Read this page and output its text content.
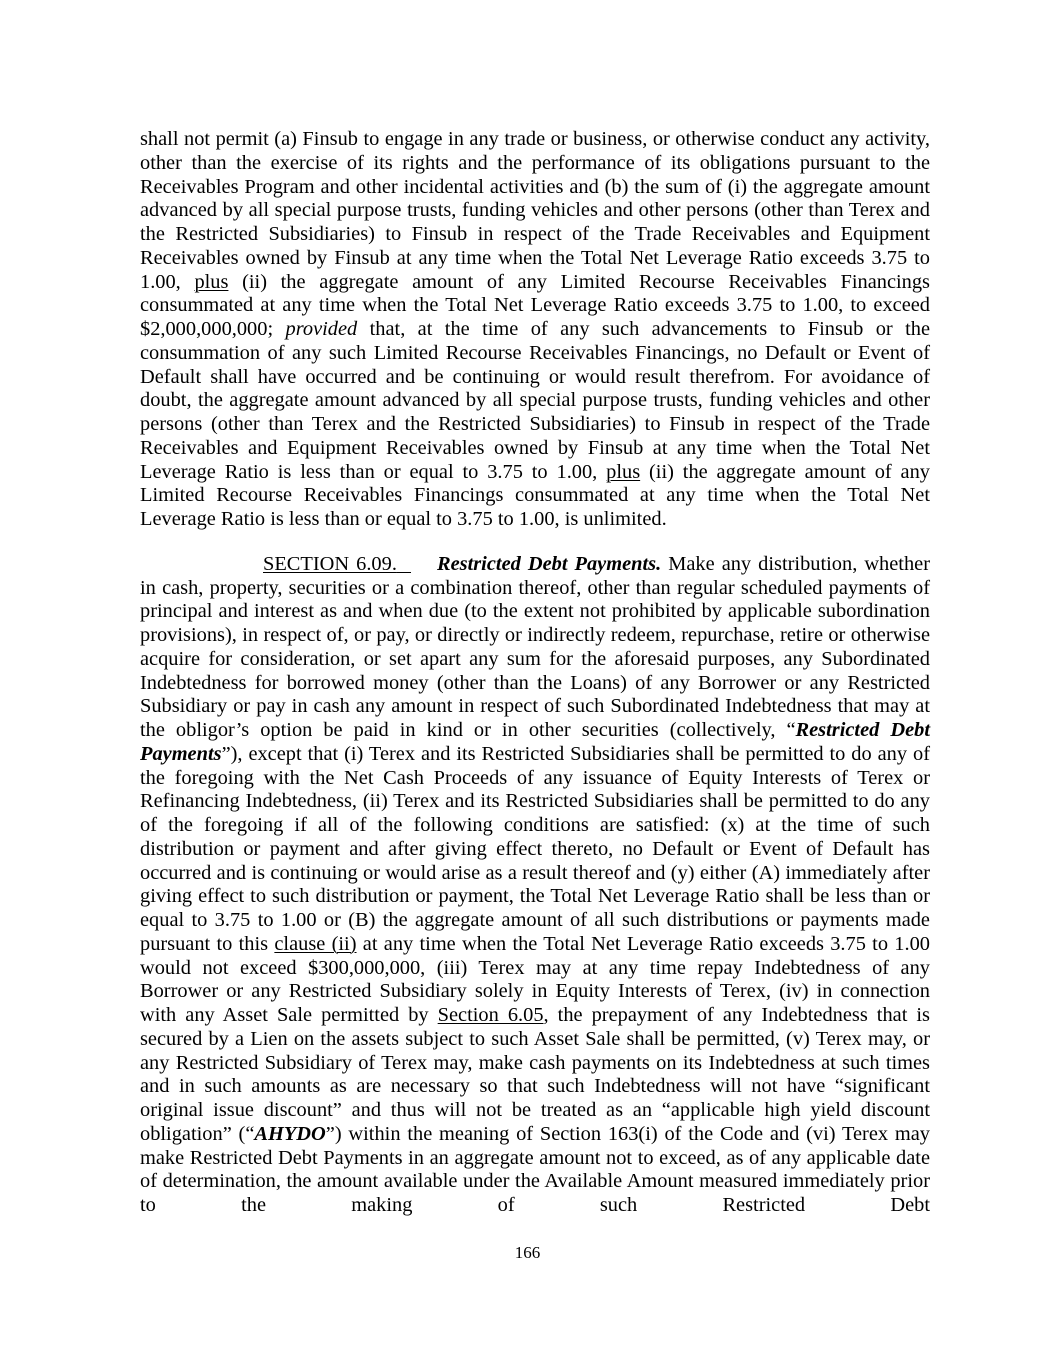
shall not permit (a) Finsub to engage in any trade or business, or otherwise conduct any activity, other than the exercise of its rights and the performance of its obligations pursuant to the Receivables Program and other incidental activities and (b) the sum of (i) the aggregate amount advanced by all special purpose trusts, funding vehicles and other persons (other than Terex and the Restricted Subsidiaries) to Finsub in respect of the Trade Receivables and Equipment Receivables owned by Finsub at any time when the Total Net Leverage Ratio exceeds 3.75 to 1.00, plus (ii) the aggregate amount of any Limited Recourse Receivables Financings consummated at any time when the Total Net Leverage Ratio exceeds 3.75 to 1.00, to exceed $2,000,000,000; provided that, at the time of any such advancements to Finsub or the consummation of any such Limited Recourse Receivables Financings, no Default or Event of Default shall have occurred and be continuing or would result therefrom. For avoidance of doubt, the aggregate amount advanced by all special purpose trusts, funding vehicles and other persons (other than Terex and the Restricted Subsidiaries) to Finsub in respect of the Trade Receivables and Equipment Receivables owned by Finsub at any time when the Total Net Leverage Ratio is less than or equal to 3.75 to 1.00, plus (ii) the aggregate amount of any Limited Recourse Receivables Financings consummated at any time when the Total Net Leverage Ratio is less than or equal to 3.75 to 1.00, is unlimited.

SECTION 6.09. Restricted Debt Payments. Make any distribution, whether in cash, property, securities or a combination thereof, other than regular scheduled payments of principal and interest as and when due (to the extent not prohibited by applicable subordination provisions), in respect of, or pay, or directly or indirectly redeem, repurchase, retire or otherwise acquire for consideration, or set apart any sum for the aforesaid purposes, any Subordinated Indebtedness for borrowed money (other than the Loans) of any Borrower or any Restricted Subsidiary or pay in cash any amount in respect of such Subordinated Indebtedness that may at the obligor’s option be paid in kind or in other securities (collectively, “Restricted Debt Payments”), except that (i) Terex and its Restricted Subsidiaries shall be permitted to do any of the foregoing with the Net Cash Proceeds of any issuance of Equity Interests of Terex or Refinancing Indebtedness, (ii) Terex and its Restricted Subsidiaries shall be permitted to do any of the foregoing if all of the following conditions are satisfied: (x) at the time of such distribution or payment and after giving effect thereto, no Default or Event of Default has occurred and is continuing or would arise as a result thereof and (y) either (A) immediately after giving effect to such distribution or payment, the Total Net Leverage Ratio shall be less than or equal to 3.75 to 1.00 or (B) the aggregate amount of all such distributions or payments made pursuant to this clause (ii) at any time when the Total Net Leverage Ratio exceeds 3.75 to 1.00 would not exceed $300,000,000, (iii) Terex may at any time repay Indebtedness of any Borrower or any Restricted Subsidiary solely in Equity Interests of Terex, (iv) in connection with any Asset Sale permitted by Section 6.05, the prepayment of any Indebtedness that is secured by a Lien on the assets subject to such Asset Sale shall be permitted, (v) Terex may, or any Restricted Subsidiary of Terex may, make cash payments on its Indebtedness at such times and in such amounts as are necessary so that such Indebtedness will not have “significant original issue discount” and thus will not be treated as an “applicable high yield discount obligation” (“AHYDO”) within the meaning of Section 163(i) of the Code and (vi) Terex may make Restricted Debt Payments in an aggregate amount not to exceed, as of any applicable date of determination, the amount available under the Available Amount measured immediately prior to the making of such Restricted Debt

166
